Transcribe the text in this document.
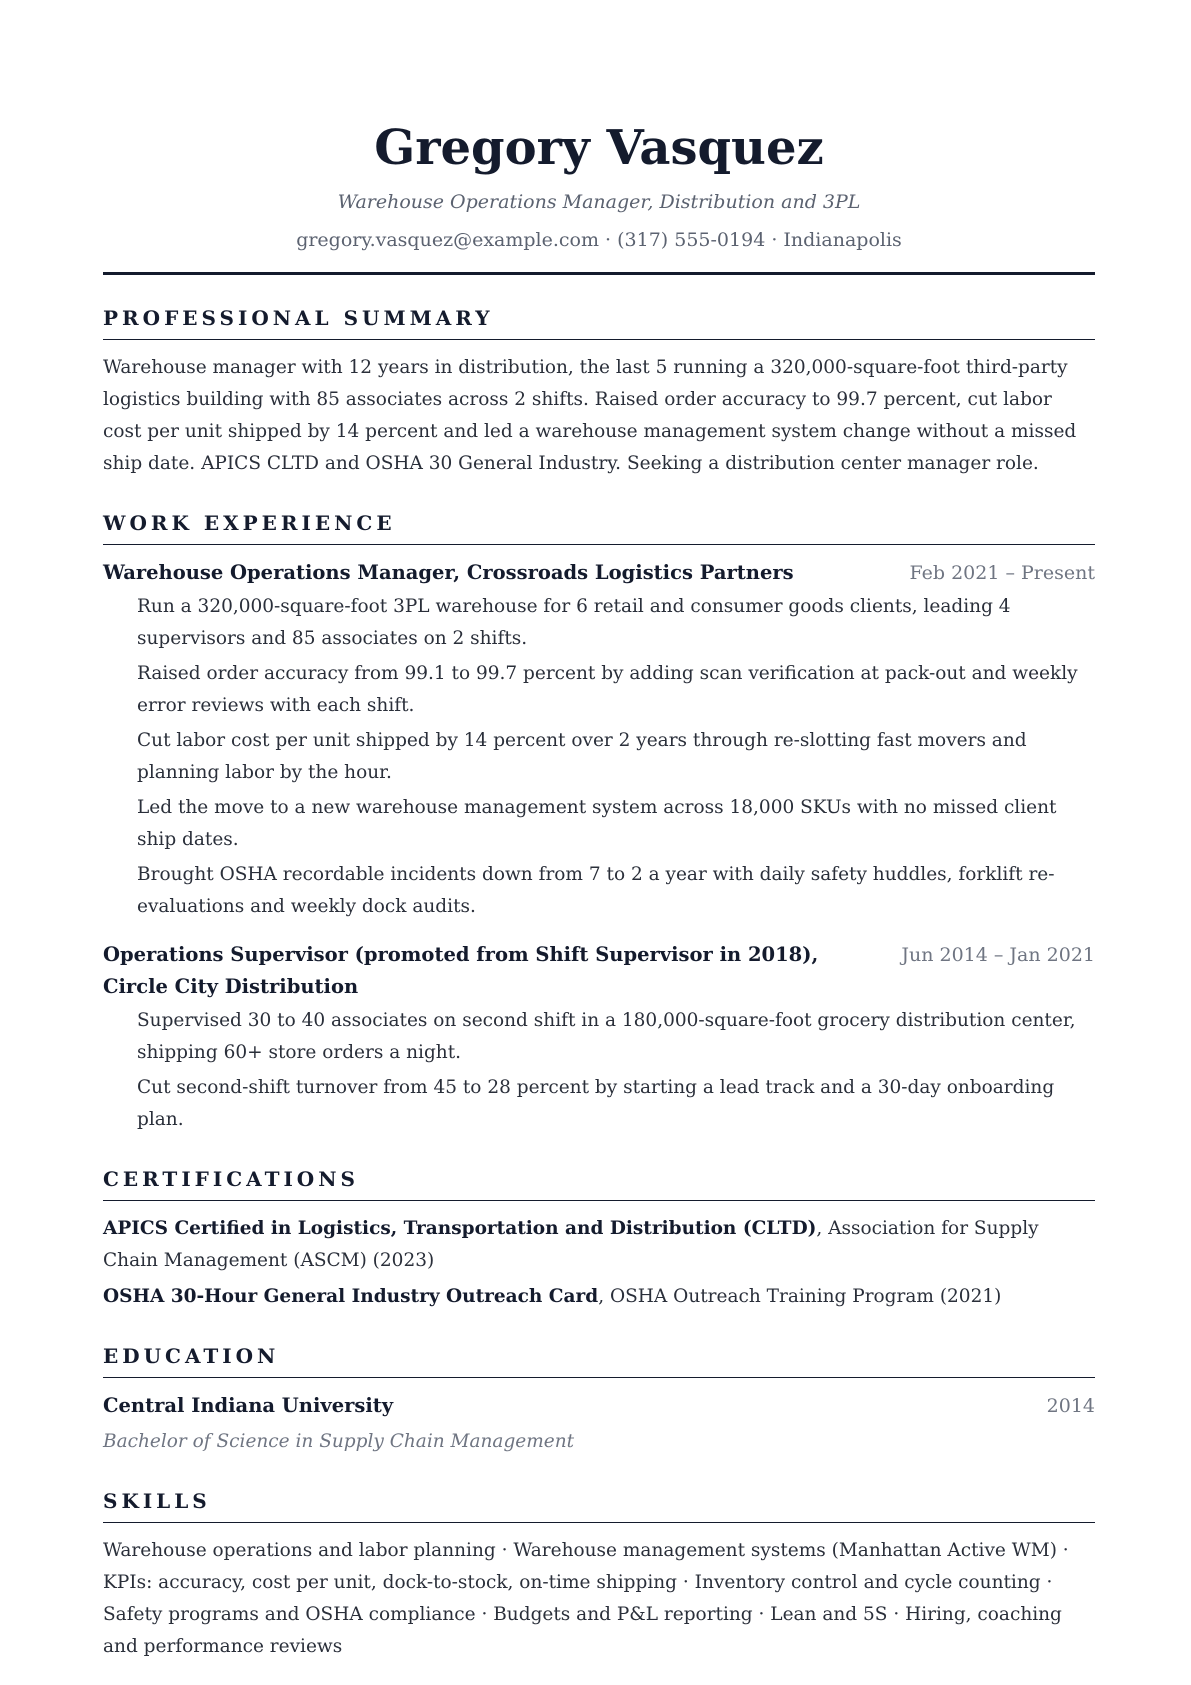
Gregory Vasquez
Warehouse Operations Manager, Distribution and 3PL
gregory.vasquez@example.com · (317) 555-0194 · Indianapolis
PROFESSIONAL SUMMARY
Warehouse manager with 12 years in distribution, the last 5 running a 320,000-square-foot third-party logistics building with 85 associates across 2 shifts. Raised order accuracy to 99.7 percent, cut labor cost per unit shipped by 14 percent and led a warehouse management system change without a missed ship date. APICS CLTD and OSHA 30 General Industry. Seeking a distribution center manager role.
WORK EXPERIENCE
Warehouse Operations Manager, Crossroads Logistics Partners	Feb 2021 – Present
Run a 320,000-square-foot 3PL warehouse for 6 retail and consumer goods clients, leading 4 supervisors and 85 associates on 2 shifts.
Raised order accuracy from 99.1 to 99.7 percent by adding scan verification at pack-out and weekly error reviews with each shift.
Cut labor cost per unit shipped by 14 percent over 2 years through re-slotting fast movers and planning labor by the hour.
Led the move to a new warehouse management system across 18,000 SKUs with no missed client ship dates.
Brought OSHA recordable incidents down from 7 to 2 a year with daily safety huddles, forklift re-evaluations and weekly dock audits.
Operations Supervisor (promoted from Shift Supervisor in 2018), Circle City Distribution
Jun 2014 – Jan 2021
Supervised 30 to 40 associates on second shift in a 180,000-square-foot grocery distribution center, shipping 60+ store orders a night.
Cut second-shift turnover from 45 to 28 percent by starting a lead track and a 30-day onboarding plan.
CERTIFICATIONS
APICS Certified in Logistics, Transportation and Distribution (CLTD), Association for Supply Chain Management (ASCM) (2023)
OSHA 30-Hour General Industry Outreach Card, OSHA Outreach Training Program (2021)
EDUCATION
Central Indiana University	2014
Bachelor of Science in Supply Chain Management
SKILLS
Warehouse operations and labor planning · Warehouse management systems (Manhattan Active WM) · KPIs: accuracy, cost per unit, dock-to-stock, on-time shipping · Inventory control and cycle counting · Safety programs and OSHA compliance · Budgets and P&L reporting · Lean and 5S · Hiring, coaching and performance reviews
